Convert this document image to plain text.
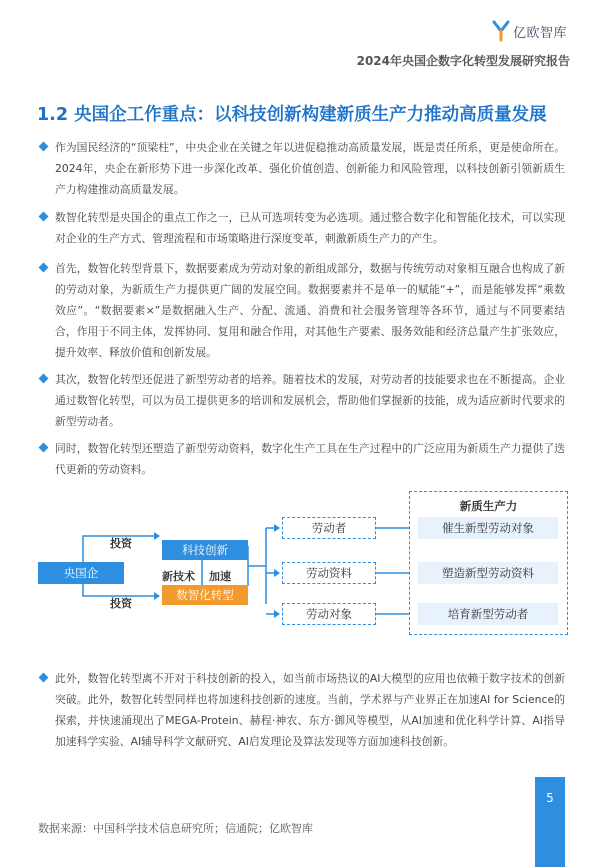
亿欧智库
2024年央国企数字化转型发展研究报告
1.2 央国企工作重点：以科技创新构建新质生产力推动高质量发展
作为国民经济的“顶梁柱”，中央企业在关键之年以进促稳推动高质量发展，既是责任所系，更是使命所在。2024年，央企在新形势下进一步深化改革、强化价值创造、创新能力和风险管理，以科技创新引领新质生产力构建推动高质量发展。
数智化转型是央国企的重点工作之一，已从可选项转变为必选项。通过整合数字化和智能化技术，可以实现对企业的生产方式、管理流程和市场策略进行深度变革，刺激新质生产力的产生。
首先，数智化转型背景下，数据要素成为劳动对象的新组成部分，数据与传统劳动对象相互融合也构成了新的劳动对象，为新质生产力提供更广阔的发展空间。数据要素并不是单一的赋能“+”，而是能够发挥“乘数效应”。“数据要素×”是数据融入生产、分配、流通、消费和社会服务管理等各环节，通过与不同要素结合，作用于不同主体，发挥协同、复用和融合作用，对其他生产要素、服务效能和经济总量产生扩张效应，提升效率、释放价值和创新发展。
其次，数智化转型还促进了新型劳动者的培养。随着技术的发展，对劳动者的技能要求也在不断提高。企业通过数智化转型，可以为员工提供更多的培训和发展机会，帮助他们掌握新的技能，成为适应新时代要求的新型劳动者。
同时，数智化转型还塑造了新型劳动资料，数字化生产工具在生产过程中的广泛应用为新质生产力提供了迭代更新的劳动资料。
央国企
投资
投资
科技创新
数智化转型
新技术 加速
劳动者
劳动资料
劳动对象
新质生产力
催生新型劳动对象
塑造新型劳动资料
培育新型劳动者
此外，数智化转型离不开对于科技创新的投入，如当前市场热议的AI大模型的应用也依赖于数字技术的创新突破。此外，数智化转型同样也将加速科技创新的速度。当前，学术界与产业界正在加速AI for Science的探索，并快速涌现出了MEGA-Protein、赫程·神农、东方·御风等模型，从AI加速和优化科学计算、AI指导加速科学实验、AI辅导科学文献研究、AI启发理论及算法发现等方面加速科技创新。
数据来源：中国科学技术信息研究所；信通院；亿欧智库
5
